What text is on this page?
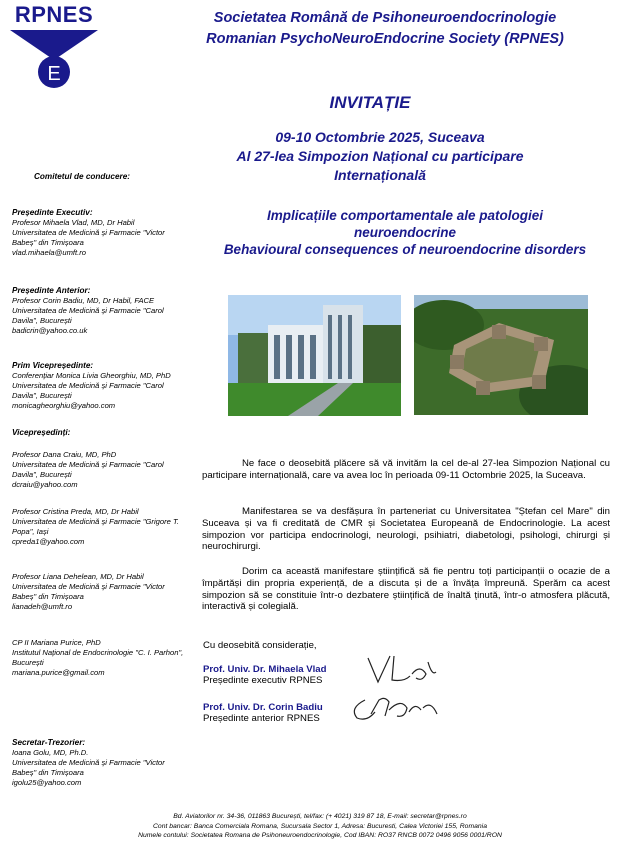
RPNES
E
Societatea Română de Psihoneuroendocrinologie
Romanian PsychoNeuroEndocrine Society (RPNES)
INVITAȚIE
09-10 Octombrie 2025, Suceava
Al 27-lea Simpozion Național cu participare
Internațională
Implicațiile comportamentale ale patologiei
neuroendocrine
Behavioural consequences of neuroendocrine disorders
Comitetul de conducere:
Președinte Executiv:
Profesor Mihaela Vlad, MD, Dr Habil
Universitatea de Medicină și Farmacie "Victor
Babeș" din Timișoara
vlad.mihaela@umft.ro
Președinte Anterior:
Profesor Corin Badiu, MD, Dr Habil, FACE
Universitatea de Medicină și Farmacie "Carol
Davila", București
badicrin@yahoo.co.uk
Prim Vicepreședinte:
Conferențiar Monica Livia Gheorghiu, MD, PhD
Universitatea de Medicină și Farmacie "Carol
Davila", București
monicagheorghiu@yahoo.com
Vicepreședinți:
Profesor Dana Craiu, MD, PhD
Universitatea de Medicină și Farmacie "Carol
Davila", București
dcraiu@yahoo.com
Profesor Cristina Preda, MD, Dr Habil
Universitatea de Medicină și Farmacie "Grigore T.
Popa", Iași
cpreda1@yahoo.com
Profesor Liana Dehelean, MD, Dr Habil
Universitatea de Medicină și Farmacie "Victor
Babeș" din Timișoara
lianadeh@umft.ro
CP II Mariana Purice, PhD
Institutul Național de Endocrinologie "C. I. Parhon",
București
mariana.purice@gmail.com
Secretar-Trezorier:
Ioana Golu, MD, Ph.D.
Universitatea de Medicină și Farmacie "Victor
Babeș" din Timișoara
igolu25@yahoo.com

Ne face o deosebită plăcere să vă invităm la cel de-al 27-lea Simpozion Național cu participare internațională, care va avea loc în perioada 09-11 Octombrie 2025, la Suceava.

Manifestarea se va desfășura în parteneriat cu Universitatea "Ștefan cel Mare" din Suceava și va fi creditată de CMR și Societatea Europeană de Endocrinologie. La acest simpozion vor participa endocrinologi, neurologi, psihiatri, diabetologi, psihologi, chirurgi și neurochirurgi.

Dorim ca această manifestare științifică să fie pentru toți participanții o ocazie de a împărtăși din propria experiență, de a discuta și de a învăța împreună. Sperăm ca acest simpozion să se constituie într-o dezbatere științifică de înaltă ținută, într-o atmosfera plăcută, interactivă și colegială.

Cu deosebită considerație,
Prof. Univ. Dr. Mihaela Vlad
Președinte executiv RPNES
Prof. Univ. Dr. Corin Badiu
Președinte anterior RPNES
Bd. Aviatorilor nr. 34-36, 011863 București, tel/fax: (+ 4021) 319 87 18, E-mail: secretar@rpnes.ro
Cont bancar: Banca Comerciala Romana, Sucursala Sector 1, Adresa: Bucuresti, Calea Victoriei 155, Romania
Numele contului: Societatea Romana de Psihoneuroendocrinologie, Cod IBAN: RO37 RNCB 0072 0496 9056 0001/RON
